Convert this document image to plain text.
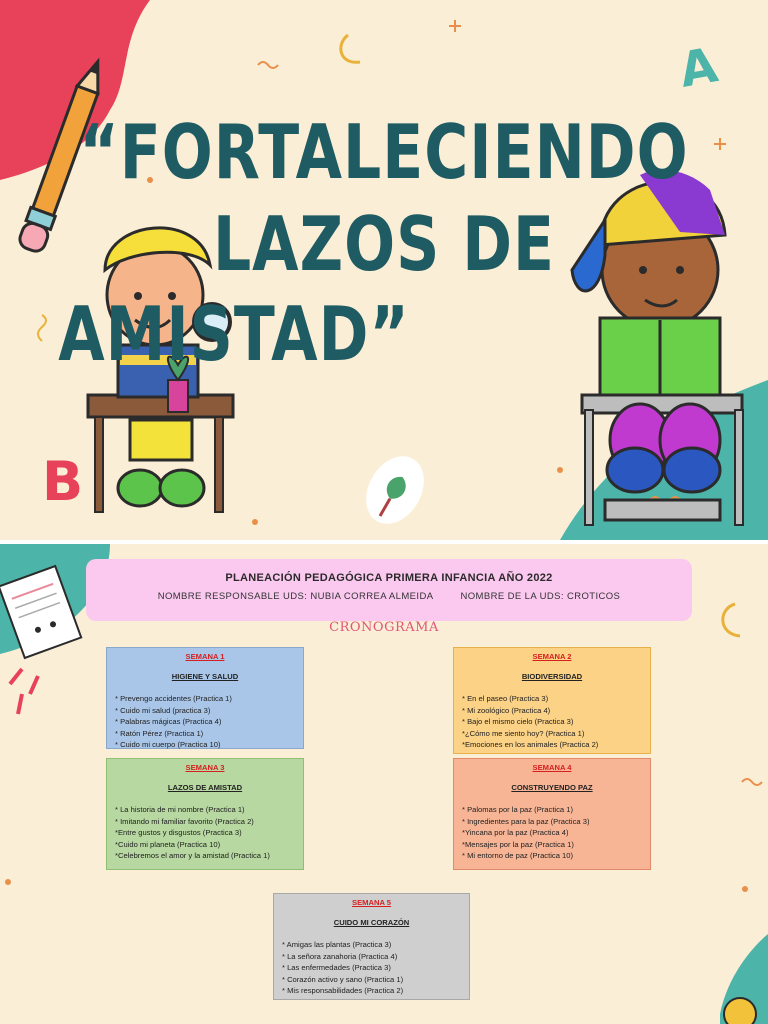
A
B
“FORTALECIENDO
LAZOS DE
AMISTAD”
PLANEACIÓN PEDAGÓGICA PRIMERA INFANCIA AÑO 2022
NOMBRE RESPONSABLE UDS: NUBIA CORREA ALMEIDA	NOMBRE DE LA UDS: CROTICOS
CRONOGRAMA
SEMANA 1
HIGIENE Y SALUD
* Prevengo accidentes (Practica 1)
* Cuido mi salud (practica 3)
* Palabras mágicas (Practica 4)
* Ratón Pérez (Practica 1)
* Cuido mi cuerpo (Practica 10)
SEMANA 2
BIODIVERSIDAD
* En el paseo (Practica 3)
* Mi zoológico (Practica 4)
* Bajo el mismo cielo (Practica 3)
*¿Cómo me siento hoy? (Practica 1)
*Emociones en los animales (Practica 2)
SEMANA 3
LAZOS DE AMISTAD
* La historia de mi nombre (Practica 1)
* Imitando mi familiar favorito (Practica 2)
*Entre gustos y disgustos (Practica 3)
*Cuido mi planeta (Practica 10)
*Celebremos el amor y la amistad (Practica 1)
SEMANA 4
CONSTRUYENDO PAZ
* Palomas por la paz (Practica 1)
* Ingredientes para la paz (Practica 3)
*Yincana por la paz (Practica 4)
*Mensajes por la paz (Practica 1)
* Mi entorno de paz (Practica 10)
SEMANA 5
CUIDO MI CORAZÓN
* Amigas las plantas (Practica 3)
* La señora zanahoria (Practica 4)
* Las enfermedades (Practica 3)
* Corazón activo y sano (Practica 1)
* Mis responsabilidades (Practica 2)
